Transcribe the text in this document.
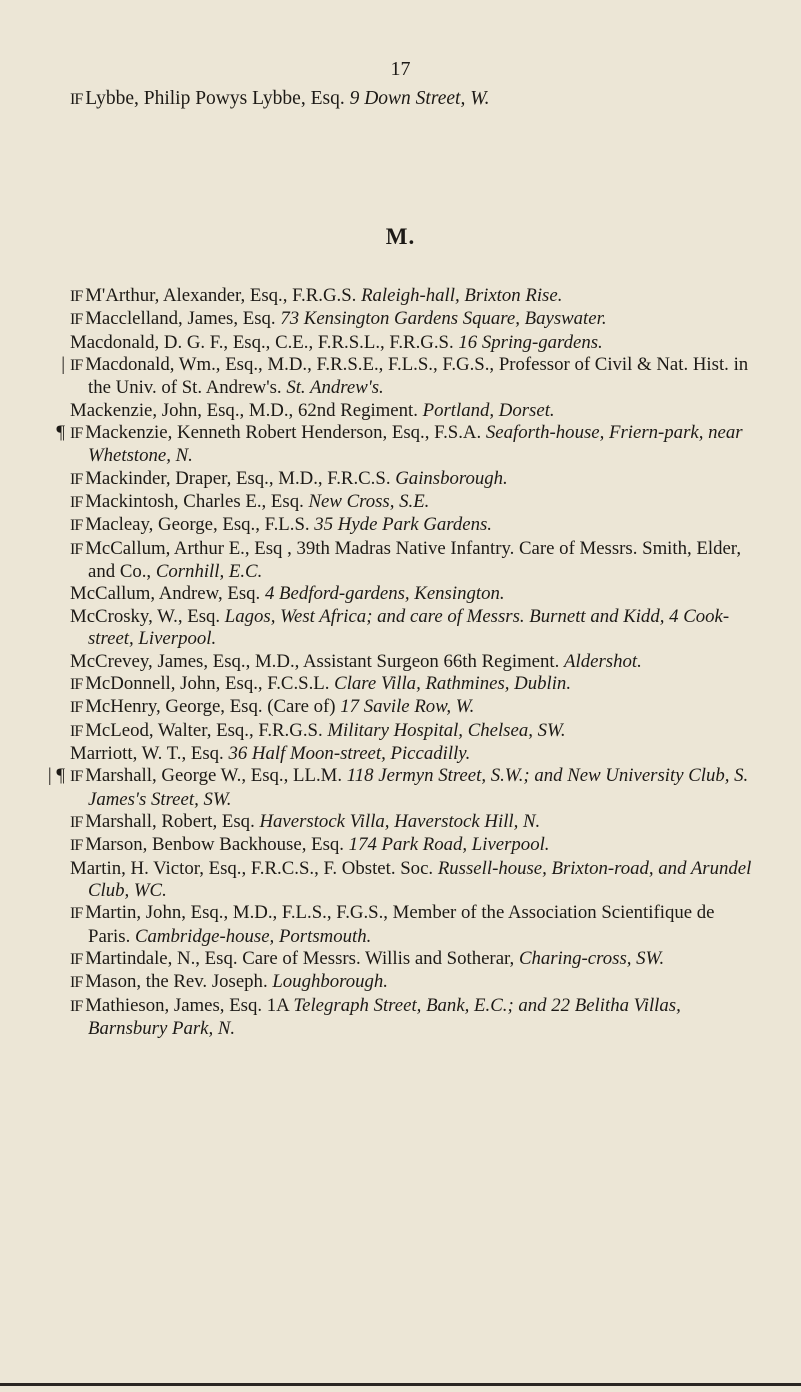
17
IF Lybbe, Philip Powys Lybbe, Esq. 9 Down Street, W.
M.

IF M'Arthur, Alexander, Esq., F.R.G.S. Raleigh-hall, Brixton Rise.

IF Macclelland, James, Esq. 73 Kensington Gardens Square, Bayswater.

Macdonald, D. G. F., Esq., C.E., F.R.S.L., F.R.G.S. 16 Spring-gardens.

| IF Macdonald, Wm., Esq., M.D., F.R.S.E., F.L.S., F.G.S., Professor of Civil & Nat. Hist. in the Univ. of St. Andrew's. St. Andrew's.

Mackenzie, John, Esq., M.D., 62nd Regiment. Portland, Dorset.

¶ IF Mackenzie, Kenneth Robert Henderson, Esq., F.S.A. Seaforth-house, Friern-park, near Whetstone, N.

IF Mackinder, Draper, Esq., M.D., F.R.C.S. Gainsborough.

IF Mackintosh, Charles E., Esq. New Cross, S.E.

IF Macleay, George, Esq., F.L.S. 35 Hyde Park Gardens.

IF McCallum, Arthur E., Esq , 39th Madras Native Infantry. Care of Messrs. Smith, Elder, and Co., Cornhill, E.C.

McCallum, Andrew, Esq. 4 Bedford-gardens, Kensington.

McCrosky, W., Esq. Lagos, West Africa; and care of Messrs. Burnett and Kidd, 4 Cook-street, Liverpool.

McCrevey, James, Esq., M.D., Assistant Surgeon 66th Regiment. Aldershot.

IF McDonnell, John, Esq., F.C.S.L. Clare Villa, Rathmines, Dublin.

IF McHenry, George, Esq. (Care of) 17 Savile Row, W.

IF McLeod, Walter, Esq., F.R.G.S. Military Hospital, Chelsea, SW.

Marriott, W. T., Esq. 36 Half Moon-street, Piccadilly.

| ¶ IF Marshall, George W., Esq., LL.M. 118 Jermyn Street, S.W.; and New University Club, S. James's Street, SW.

IF Marshall, Robert, Esq. Haverstock Villa, Haverstock Hill, N.

IF Marson, Benbow Backhouse, Esq. 174 Park Road, Liverpool.

Martin, H. Victor, Esq., F.R.C.S., F. Obstet. Soc. Russell-house, Brixton-road, and Arundel Club, WC.

IF Martin, John, Esq., M.D., F.L.S., F.G.S., Member of the Association Scientifique de Paris. Cambridge-house, Portsmouth.

IF Martindale, N., Esq. Care of Messrs. Willis and Sotherar, Charing-cross, SW.

IF Mason, the Rev. Joseph. Loughborough.

IF Mathieson, James, Esq. 1A Telegraph Street, Bank, E.C.; and 22 Belitha Villas, Barnsbury Park, N.
